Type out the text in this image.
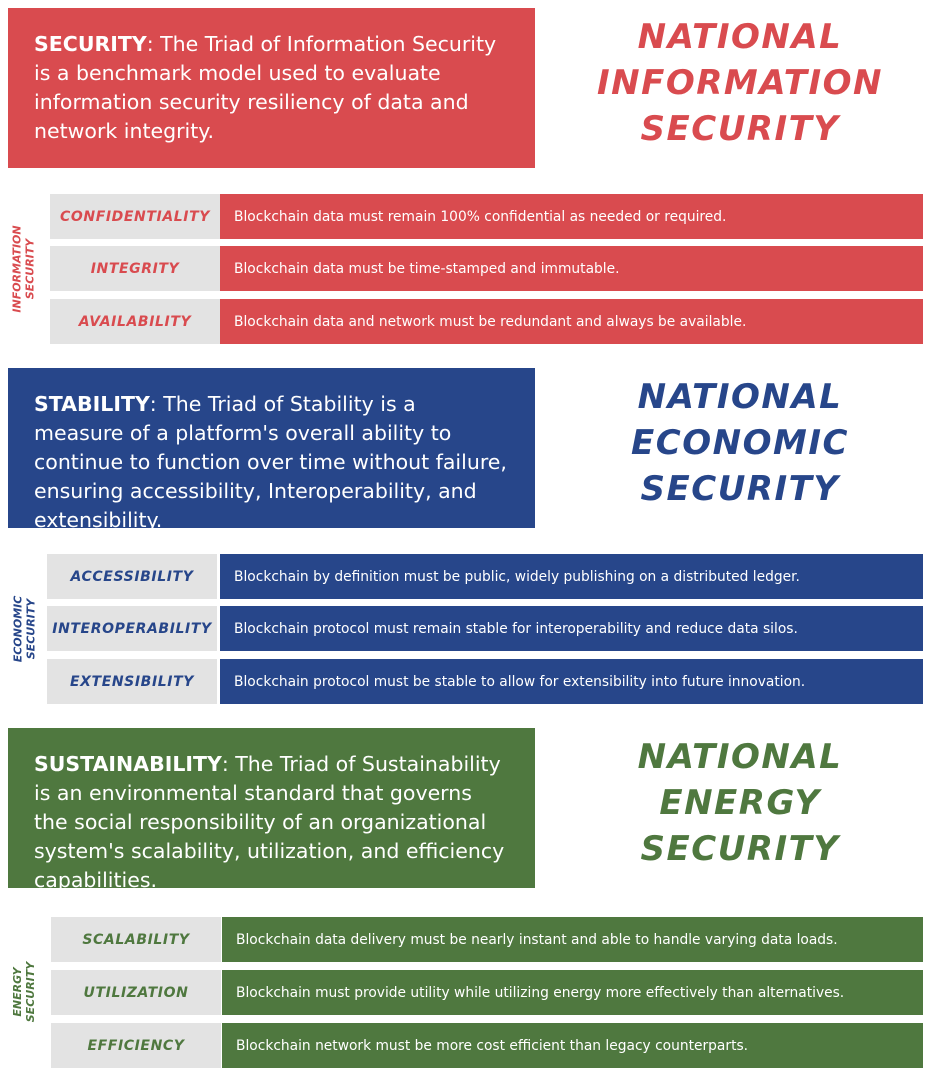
SECURITY: The Triad of Information Security is a benchmark model used to evaluate information security resiliency of data and network integrity.
NATIONAL
INFORMATION
SECURITY
INFORMATION SECURITY
CONFIDENTIALITY	Blockchain data must remain 100% confidential as needed or required.
INTEGRITY	Blockchain data must be time-stamped and immutable.
AVAILABILITY	Blockchain data and network must be redundant and always be available.
STABILITY: The Triad of Stability is a measure of a platform's overall ability to continue to function over time without failure, ensuring accessibility, Interoperability, and extensibility.
NATIONAL
ECONOMIC
SECURITY
ECONOMIC SECURITY
ACCESSIBILITY	Blockchain by definition must be public, widely publishing on a distributed ledger.
INTEROPERABILITY	Blockchain protocol must remain stable for interoperability and reduce data silos.
EXTENSIBILITY	Blockchain protocol must be stable to allow for extensibility into future innovation.
SUSTAINABILITY: The Triad of Sustainability is an environmental standard that governs the social responsibility of an organizational system's scalability, utilization, and efficiency capabilities.
NATIONAL
ENERGY
SECURITY
ENERGY SECURITY
SCALABILITY	Blockchain data delivery must be nearly instant and able to handle varying data loads.
UTILIZATION	Blockchain must provide utility while utilizing energy more effectively than alternatives.
EFFICIENCY	Blockchain network must be more cost efficient than legacy counterparts.
